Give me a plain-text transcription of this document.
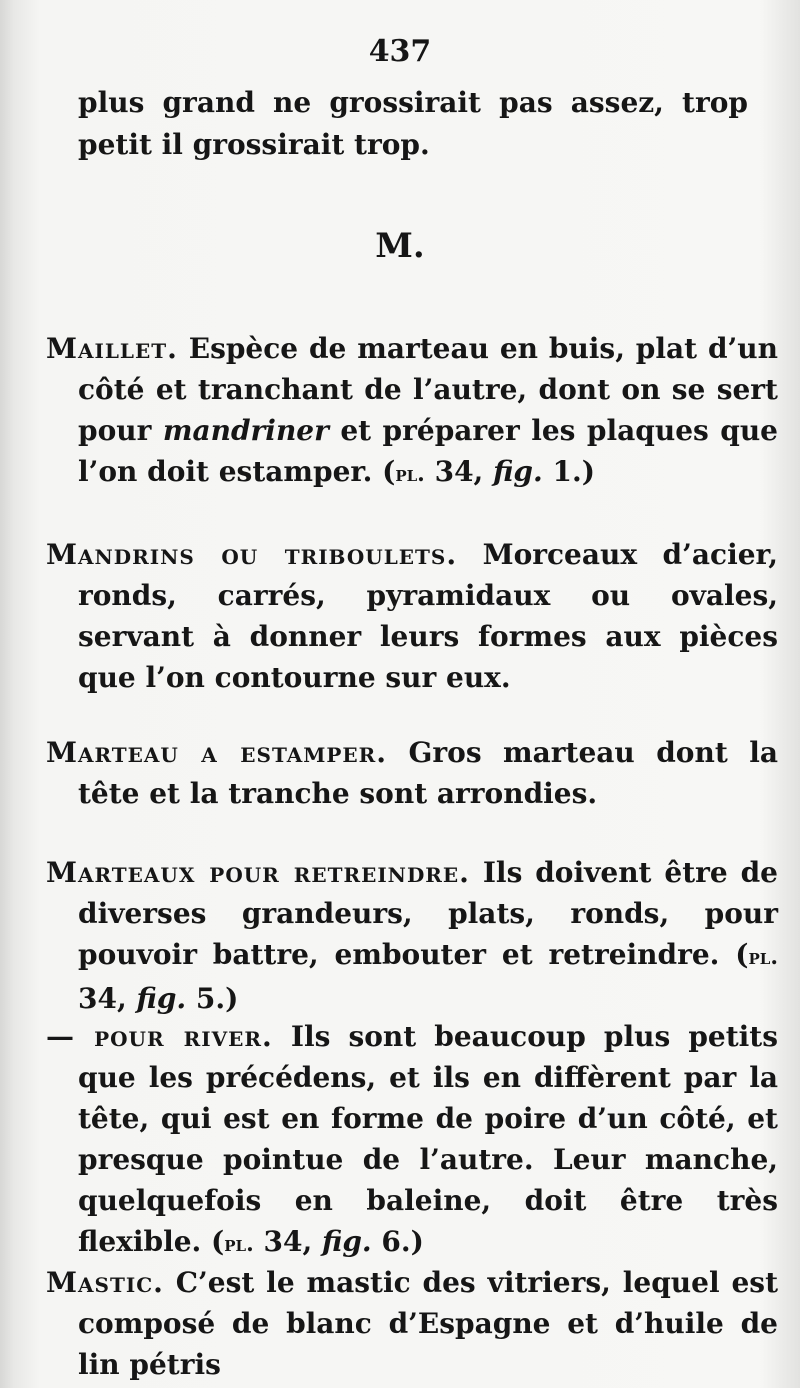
437
plus grand ne grossirait pas assez, trop petit il grossirait trop.
M.
Maillet. Espèce de marteau en buis, plat d’un côté et tranchant de l’autre, dont on se sert pour mandriner et préparer les plaques que l’on doit estamper. (pl. 34, fig. 1.)
Mandrins ou triboulets. Morceaux d’acier, ronds, carrés, pyramidaux ou ovales, servant à donner leurs formes aux pièces que l’on contourne sur eux.
Marteau a estamper. Gros marteau dont la tête et la tranche sont arrondies.
Marteaux pour retreindre. Ils doivent être de diverses grandeurs, plats, ronds, pour pouvoir battre, embouter et retreindre. (pl. 34, fig. 5.)
— pour river. Ils sont beaucoup plus petits que les précédens, et ils en diffèrent par la tête, qui est en forme de poire d’un côté, et presque pointue de l’autre. Leur manche, quelquefois en baleine, doit être très flexible. (pl. 34, fig. 6.)
Mastic. C’est le mastic des vitriers, lequel est composé de blanc d’Espagne et d’huile de lin pétris
